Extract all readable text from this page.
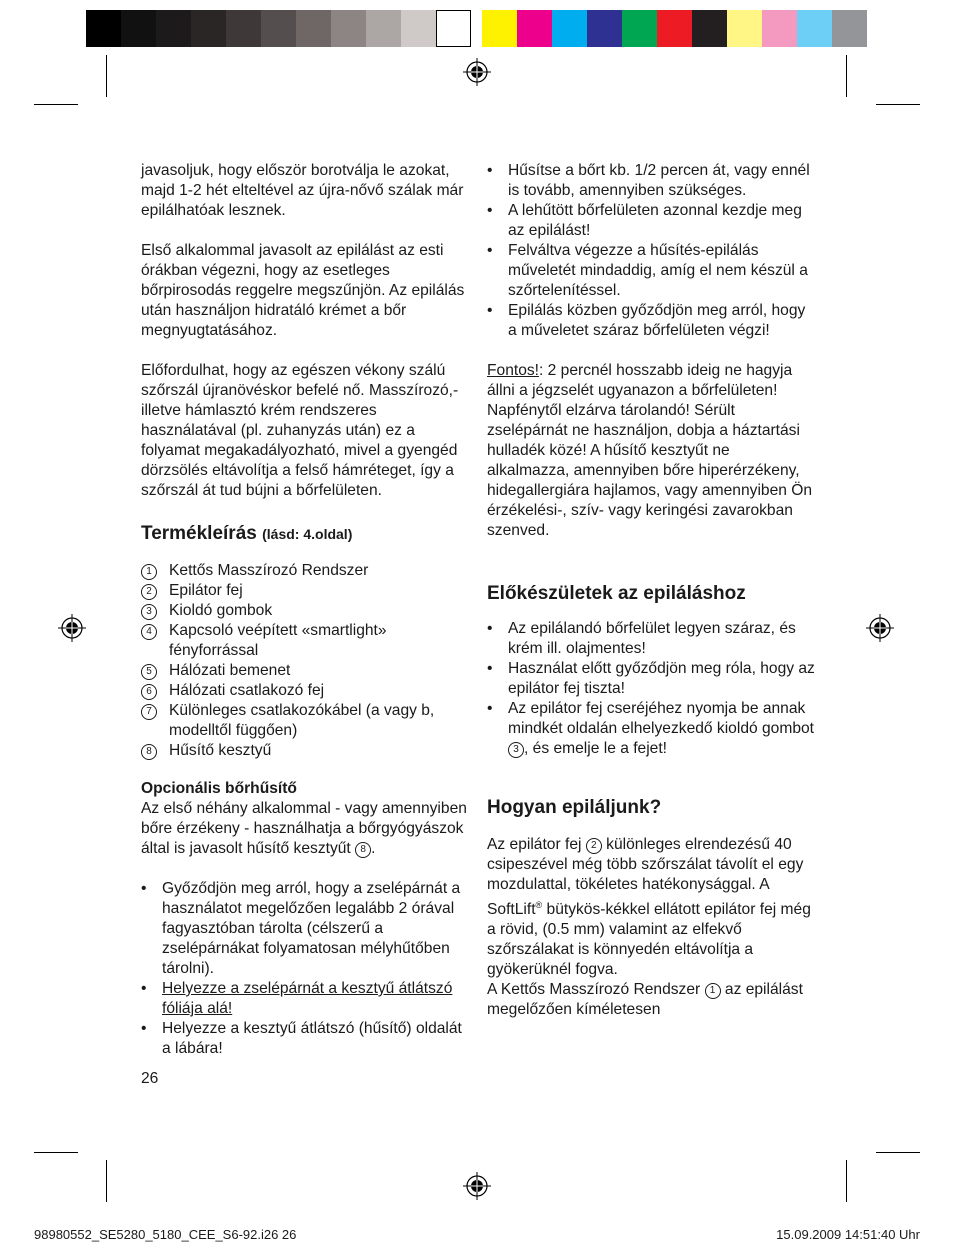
javasoljuk, hogy először borotválja le azokat, majd 1-2 hét elteltével az újra-nővő szálak már epilálhatóak lesznek.

Első alkalommal javasolt az epilálást az esti órákban végezni, hogy az esetleges bőrpirosodás reggelre megszűnjön. Az epilálás után használjon hidratáló krémet a bőr megnyugtatásához.

Előfordulhat, hogy az egészen vékony szálú szőrszál újranövéskor befelé nő. Masszírozó,- illetve hámlasztó krém rendszeres használatával (pl. zuhanyzás után) ez a folyamat megakadályozható, mivel a gyengéd dörzsölés eltávolítja a felső hámréteget, így a szőrszál át tud bújni a bőrfelületen.

Termékleírás (lásd: 4.oldal)

1	Kettős Masszírozó Rendszer
2	Epilátor fej
3	Kioldó gombok
4	Kapcsoló veépített «smartlight» fényforrással
5	Hálózati bemenet
6	Hálózati csatlakozó fej
7	Különleges csatlakozókábel (a vagy b, modelltől függően)
8	Hűsítő kesztyű

Opcionális bőrhűsítő

Az első néhány alkalommal - vagy amennyiben bőre érzékeny - használhatja a bőrgyógyászok által is javasolt hűsítő kesztyűt 8 .

• Győződjön meg arról, hogy a zselépárnát a használatot megelőzően legalább 2 órával fagyasztóban tárolta (célszerű a zselépárnákat folyamatosan mélyhűtőben tárolni).
• Helyezze a zselépárnát a kesztyű átlátszó fóliája alá!
• Helyezze a kesztyű átlátszó (hűsítő) oldalát a lábára!

26

• Hűsítse a bőrt kb. 1/2 percen át, vagy ennél is tovább, amennyiben szükséges.
• A lehűtött bőrfelületen azonnal kezdje meg az epilálást!
• Felváltva végezze a hűsítés-epilálás műveletét mindaddig, amíg el nem készül a szőrtelenítéssel.
• Epilálás közben győződjön meg arról, hogy a műveletet száraz bőrfelületen végzi!

Fontos!: 2 percnél hosszabb ideig ne hagyja állni a jégzselét ugyanazon a bőrfelületen!

Napfénytől elzárva tárolandó! Sérült zselépárnát ne használjon, dobja a háztartási hulladék közé! A hűsítő kesztyűt ne alkalmazza, amennyiben bőre hiperérzékeny, hidegallergiára hajlamos, vagy amennyiben Ön érzékelési-, szív- vagy keringési zavarokban szenved.

Előkészületek az epiláláshoz

• Az epilálandó bőrfelület legyen száraz, és krém ill. olajmentes!
• Használat előtt győződjön meg róla, hogy az epilátor fej tiszta!
• Az epilátor fej cseréjéhez nyomja be annak mindkét oldalán elhelyezkedő kioldó gombot 3 , és emelje le a fejet!

Hogyan epiláljunk?

Az epilátor fej 2 különleges elrendezésű 40 csipeszével még több szőrszálat távolít el egy mozdulattal, tökéletes hatékonysággal. A SoftLift® bütykös-kékkel ellátott epilátor fej még a rövid, (0.5 mm) valamint az elfekvő szőrszálakat is könnyedén eltávolítja a gyökerüknél fogva.

A Kettős Masszírozó Rendszer 1 az epilálást megelőzően kíméletesen

98980552_SE5280_5180_CEE_S6-92.i26 26	15.09.2009 14:51:40 Uhr
